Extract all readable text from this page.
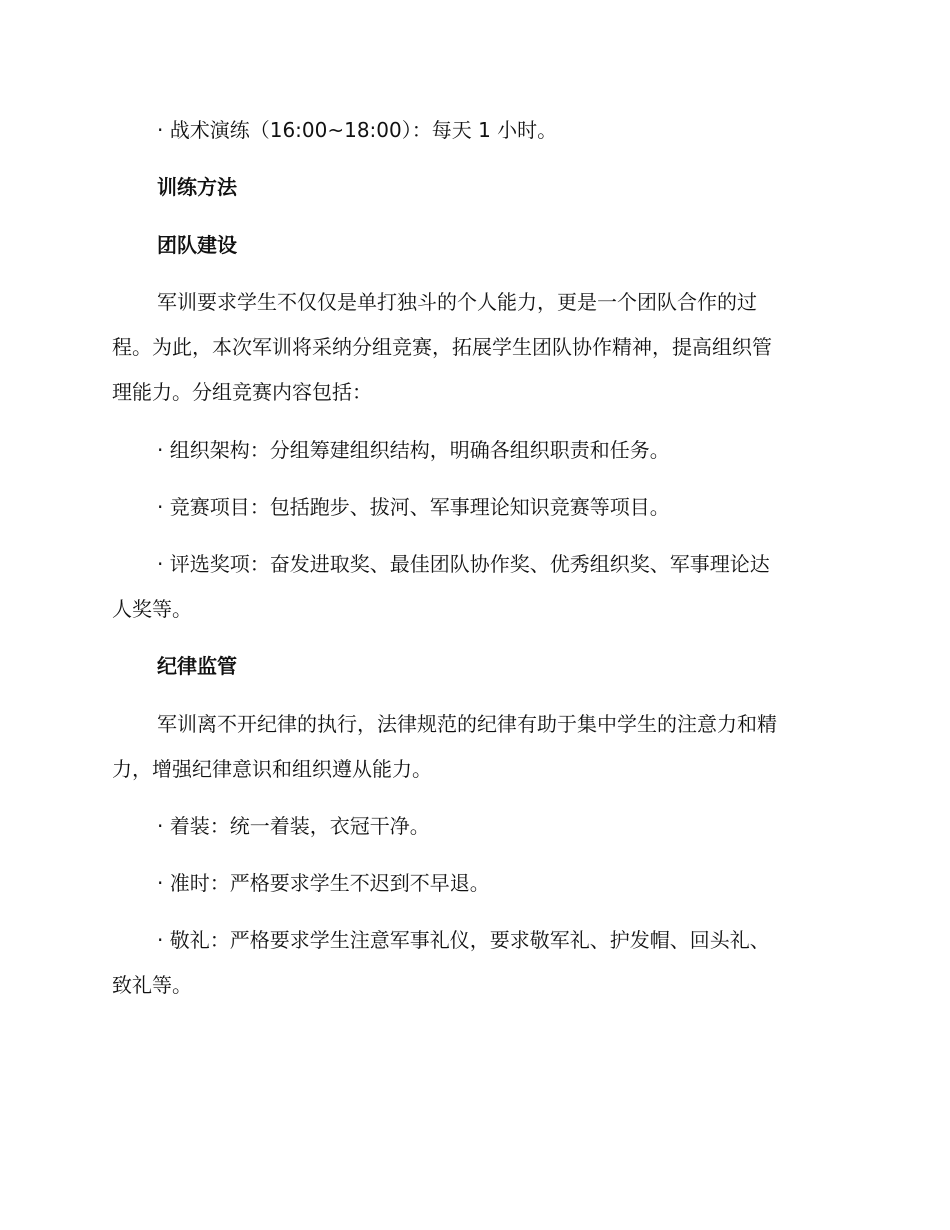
· 战术演练（16:00~18:00）：每天 1 小时。
训练方法
团队建设
军训要求学生不仅仅是单打独斗的个人能力，更是一个团队合作的过
程。为此，本次军训将采纳分组竞赛，拓展学生团队协作精神，提高组织管
理能力。分组竞赛内容包括：
· 组织架构：分组筹建组织结构，明确各组织职责和任务。
· 竞赛项目：包括跑步、拔河、军事理论知识竞赛等项目。
· 评选奖项：奋发进取奖、最佳团队协作奖、优秀组织奖、军事理论达
人奖等。
纪律监管
军训离不开纪律的执行，法律规范的纪律有助于集中学生的注意力和精
力，增强纪律意识和组织遵从能力。
· 着装：统一着装，衣冠干净。
· 准时：严格要求学生不迟到不早退。
· 敬礼：严格要求学生注意军事礼仪，要求敬军礼、护发帽、回头礼、
致礼等。
